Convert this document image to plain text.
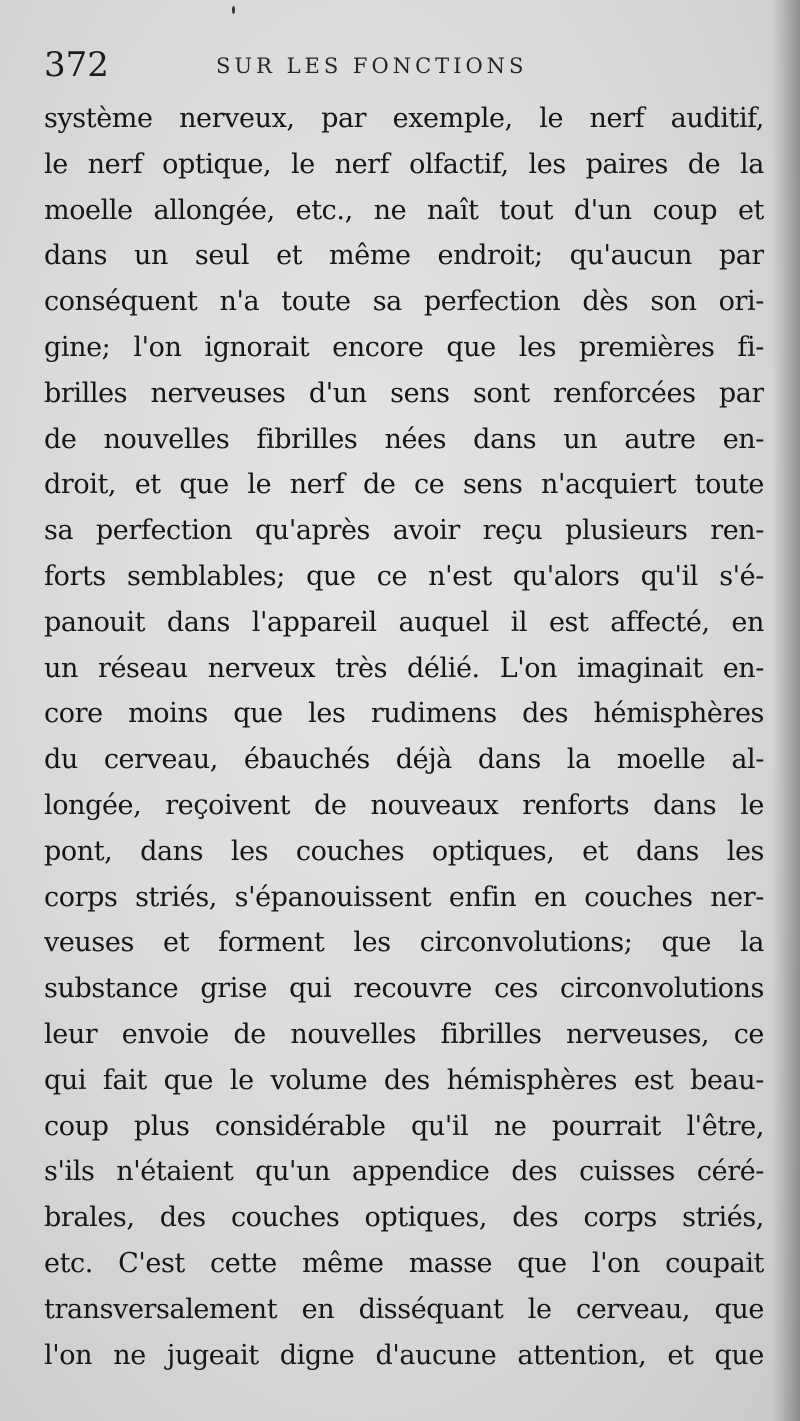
372	SUR LES FONCTIONS
système nerveux, par exemple, le nerf auditif,
le nerf optique, le nerf olfactif, les paires de la
moelle allongée, etc., ne naît tout d'un coup et
dans un seul et même endroit; qu'aucun par
conséquent n'a toute sa perfection dès son ori-
gine; l'on ignorait encore que les premières fi-
brilles nerveuses d'un sens sont renforcées par
de nouvelles fibrilles nées dans un autre en-
droit, et que le nerf de ce sens n'acquiert toute
sa perfection qu'après avoir reçu plusieurs ren-
forts semblables; que ce n'est qu'alors qu'il s'é-
panouit dans l'appareil auquel il est affecté, en
un réseau nerveux très délié. L'on imaginait en-
core moins que les rudimens des hémisphères
du cerveau, ébauchés déjà dans la moelle al-
longée, reçoivent de nouveaux renforts dans le
pont, dans les couches optiques, et dans les
corps striés, s'épanouissent enfin en couches ner-
veuses et forment les circonvolutions; que la
substance grise qui recouvre ces circonvolutions
leur envoie de nouvelles fibrilles nerveuses, ce
qui fait que le volume des hémisphères est beau-
coup plus considérable qu'il ne pourrait l'être,
s'ils n'étaient qu'un appendice des cuisses céré-
brales, des couches optiques, des corps striés,
etc. C'est cette même masse que l'on coupait
transversalement en disséquant le cerveau, que
l'on ne jugeait digne d'aucune attention, et que
